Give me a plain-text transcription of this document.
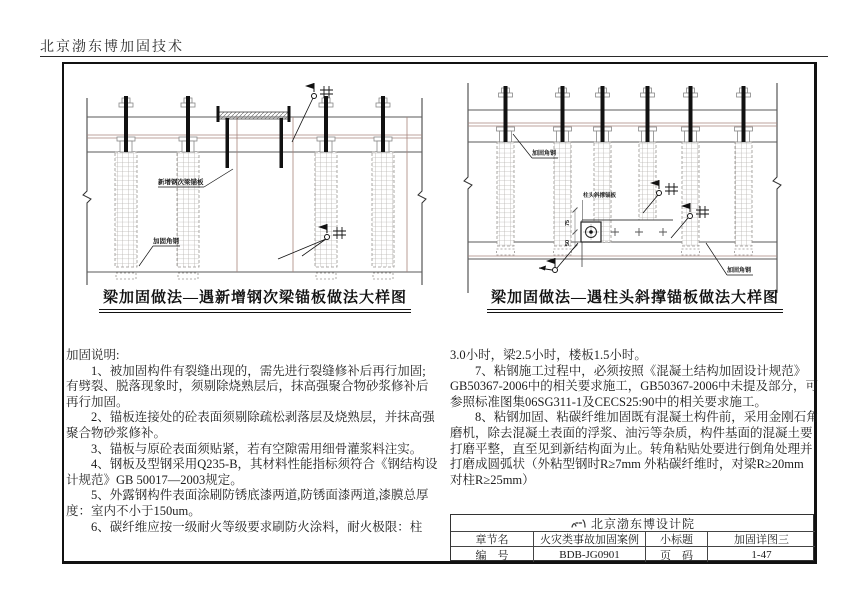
北京渤东博加固技术
新增钢次梁锚板
加固角钢
75
50
加固角钢
柱头斜撑锚板
加固角钢
梁加固做法—遇新增钢次梁锚板做法大样图	梁加固做法—遇柱头斜撑锚板做法大样图
加固说明:
　　1、被加固构件有裂缝出现的，需先进行裂缝修补后再行加固;
有劈裂、脱落现象时，须剔除烧熟层后，抹高强聚合物砂浆修补后
再行加固。
　　2、锚板连接处的砼表面须剔除疏松剥落层及烧熟层，并抹高强
聚合物砂浆修补。
　　3、锚板与原砼表面须贴紧，若有空隙需用细骨灌浆料注实。
　　4、钢板及型钢采用Q235-B，其材料性能指标须符合《钢结构设
计规范》GB 50017—2003规定。
　　5、外露钢构件表面涂刷防锈底漆两道,防锈面漆两道,漆膜总厚
度：室内不小于150um。
　　6、碳纤维应按一级耐火等级要求刷防火涂料，耐火极限：柱
3.0小时，梁2.5小时，楼板1.5小时。
　　7、粘钢施工过程中，必须按照《混凝土结构加固设计规范》
GB50367-2006中的相关要求施工，GB50367-2006中未提及部分，可
参照标准图集06SG311-1及CECS25:90中的相关要求施工。
　　8、粘钢加固、粘碳纤维加固既有混凝土构件前，采用金刚石角
磨机，除去混凝土表面的浮浆、油污等杂质，构件基面的混凝土要
打磨平整，直至见到新结构面为止。转角粘贴处要进行倒角处理并
打磨成圆弧状（外粘型钢时R≥7mm 外粘碳纤维时，对梁R≥20mm
对柱R≥25mm）
北京渤东博设计院
章节名	火灾类事故加固案例	小标题	加固详图三
编　号	BDB-JG0901	页　码	1-47
